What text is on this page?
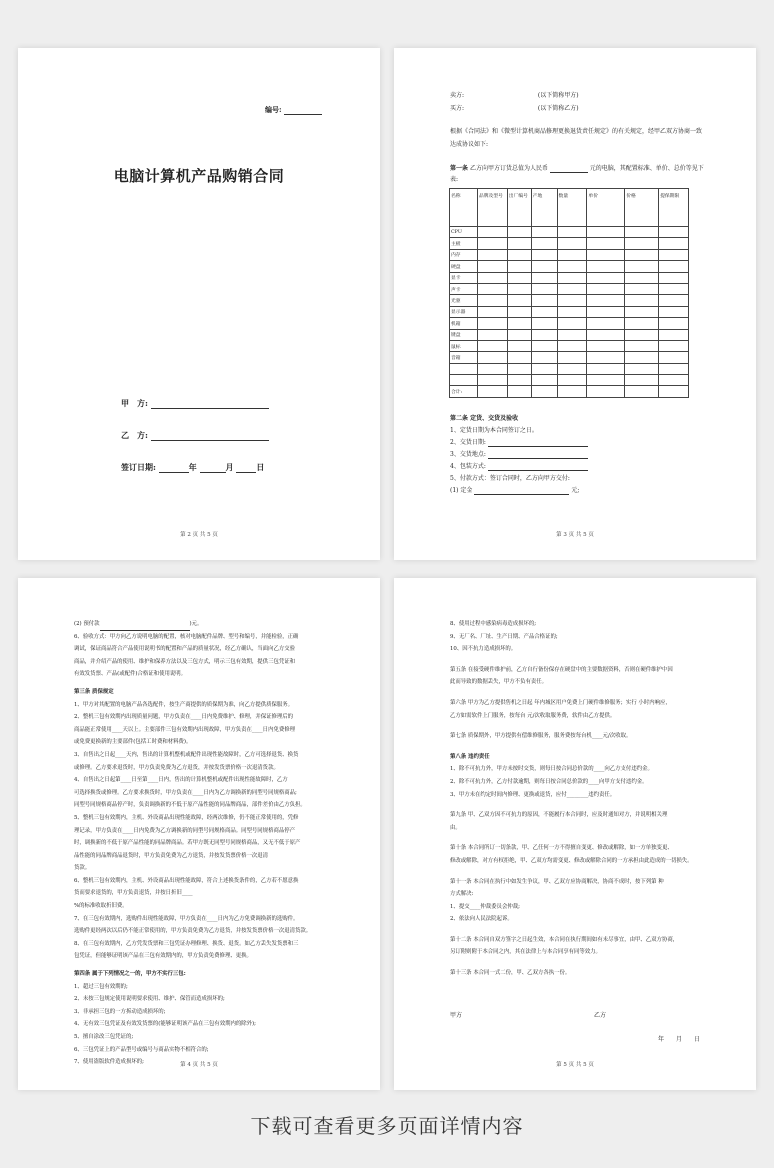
编号:
电脑计算机产品购销合同
甲　方:
乙　方:
签订日期:	年	月	日
第 2 页 共 5 页
卖方:	(以下简称甲方)
买方:	(以下简称乙方)
根据《合同法》和《微型计算机商品修理更换退货责任规定》的有关规定，经甲乙双方协商一致
达成协议如下:
第一条 乙方向甲方订货总值为人民币	元的电脑，其配置标准、单价、总价等见下
表:
名称	品牌及型号	出厂编号	产地	数量	单价	价格	提保期限
CPU							
主板							
内存							
硬盘							
显卡							
声卡							
光驱							
显示器							
机箱							
键盘							
鼠标							
音箱							

合计:							
第二条 定货、交货及验收
1、定货日期为本合同签订之日。
2、交货日期:
3、交货地点:
4、包装方式:
5、付款方式：签订合同时，乙方向甲方交付:
(1) 定金	元;
第 3 页 共 5 页

(2) 预付款	)元。

6、验收方式：甲方向乙方说明电脑的配置，核对电脑配件品牌、型号和编号，并能检验，正确

调试，保证商品符合产品使用说明书的配置和产品的质量状况，经乙方确认，当面向乙方交验

商品，并介绍产品的使用、维护和保养方法以及三包方式，明示三包有效期，提供三包凭证和

有效发货票、产品(或配件)合格证和使用说明。

第三条 质保规定

1、甲方对其配置的电脑产品各选配件，按生产商提供的质保期为准，向乙方提供质保服务。

2、整机三包有效期内出现质量问题，甲方负责在____日内免费维护、修理，并保证修理后的

商品能正常使用____天以上。主要部件三包有效期内出现故障，甲方负责在____日内免费修理

或免费更换新的主要部件(包括工时费和材料费)。

3、自售出之日起____天内，售出的计算机整机或配件出现性能故障时，乙方可选择退货、换货

或修理。乙方要求退货时，甲方负责免费为乙方退货，并按发货票价格一次退清货款。

4、自售出之日起第____日至第____日内，售出的计算机整机或配件出现性能故障时，乙方

可选择换货或修理。乙方要求换货时，甲方负责在____日内为乙方调换新的同型号同规格商品;

同型号同规格商品停产时，负责调换新的不低于原产品性能的同品牌商品，部件差价由乙方负担。

5、整机三包有效期内，主机、外设商品出现性能故障，经两次维修，仍不能正常使用的，凭修

理记录，甲方负责在____日内免费为乙方调换新的同型号同规格商品。同型号同规格商品停产

时，调换新的不低于原产品性能的同品牌商品。若甲方既无同型号同规格商品，又无不低于原产

品性能的同品牌商品退货时，甲方负责免费为乙方退货，并按发货票价格一次退清

货款。

6、整机三包有效期内，主机、外设商品出现性能故障，符合上述换货条件的，乙方若不愿意换

货而要求退货的，甲方负责退货，并按日折旧____

%的标准收取折旧费。

7、在三包有效期内，选购件出现性能故障，甲方负责在____日内为乙方免费调换新的选购件。

选购件更经两次以后仍不能正常使用的，甲方负责免费为乙方退货，并按发货票价格一次退清货款。

8、在三包有效期内，乙方凭发货票和三包凭证办理修理、换货、退货。如乙方丢失发货票和三

包凭证，但能够证明该产品在三包有效期内的，甲方负责免费修理、更换。

第四条 属于下列情况之一的，甲方不实行三包:

1、超过三包有效期的;

2、未按三包规定使用说明要求使用、维护、保管而造成损坏的;

3、非承担三包的一方拆动造成损坏的;

4、无有效三包凭证及有效发货票的(能够证明该产品在三包有效期内的除外);

5、擅自涂改三包凭证的;

6、三包凭证上的产品型号或编号与商品实物不相符合的;

7、使用盗版软件造成损坏的;	第 4 页 共 5 页

8、使用过程中感染病毒造成损坏的;

9、无厂名、厂址、生产日期、产品合格证的;

10、因不抗力造成损坏的。

第五条 在接受硬件维护前，乙方自行备份保存在硬盘中的主要数据资料，否则在硬件维护中因

此而导致的数据丢失，甲方不负有责任。

第六条 甲方为乙方提供售机之日起 年内城区用户免费上门硬件维修服务；实行 小时内响应，

乙方如需软件上门服务，按每台 元/次收取服务费，软件由乙方提供。

第七条 质保期外，甲方提供有偿维修服务，服务费按每台机____元/次收取。

第八条 违约责任

1、除不可抗力外，甲方未按时交货，则每日按合同总价款的____向乙方支付违约金。

2、除不可抗力外，乙方付款逾期，则每日按合同总价款的____向甲方支付违约金。

3、甲方未在约定时间内修理、更换或退货，应付________违约责任。

第九条 甲、乙双方因不可抗力的原因，不能履行本合同时，应及时通知对方，并说明相关理

由。

第十条 本合同所订一切条款，甲、乙任何一方不得擅自变更、修改或解除，如一方单独变更、

修改或解除，对方有权拒绝，甲、乙双方均需变更、修改或解除合同的一方承担由此造成的一切损失。

第十一条 本合同在执行中如发生争议，甲、乙双方应协商解决，协商不成时，按下列第 种

方式解决:

1、提交____仲裁委员会仲裁;

2、依法向人民法院起诉。

第十二条 本合同自双方签字之日起生效，本合同在执行期间如有未尽事宜，由甲、乙双方协商，

另订附则附于本合同之内，其在法律上与本合同享有同等效力。

第十三条 本合同一式二份，甲、乙双方各执一份。

甲方	乙方
年　　月　　日
第 5 页 共 5 页
下载可查看更多页面详情内容
